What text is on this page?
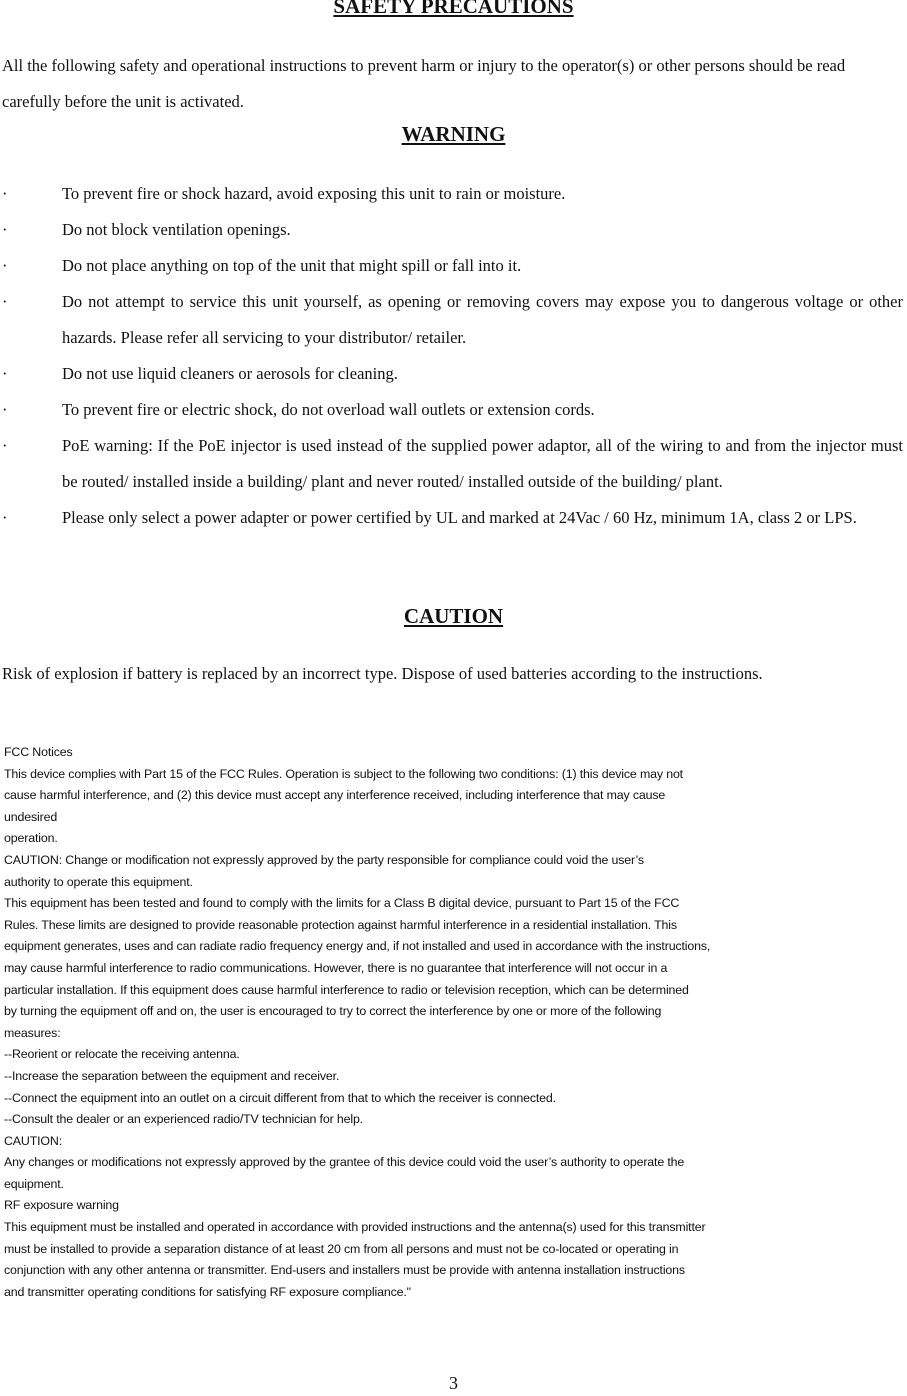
SAFETY PRECAUTIONS

All the following safety and operational instructions to prevent harm or injury to the operator(s) or other persons should be read carefully before the unit is activated.

WARNING
·	To prevent fire or shock hazard, avoid exposing this unit to rain or moisture.
·	Do not block ventilation openings.
·	Do not place anything on top of the unit that might spill or fall into it.
·	Do not attempt to service this unit yourself, as opening or removing covers may expose you to dangerous voltage or other hazards. Please refer all servicing to your distributor/ retailer.
·	Do not use liquid cleaners or aerosols for cleaning.
·	To prevent fire or electric shock, do not overload wall outlets or extension cords.
·	PoE warning: If the PoE injector is used instead of the supplied power adaptor, all of the wiring to and from the injector must be routed/ installed inside a building/ plant and never routed/ installed outside of the building/ plant.
·	Please only select a power adapter or power certified by UL and marked at 24Vac / 60 Hz, minimum 1A, class 2 or LPS.
CAUTION

Risk of explosion if battery is replaced by an incorrect type. Dispose of used batteries according to the instructions.

FCC Notices
This device complies with Part 15 of the FCC Rules. Operation is subject to the following two conditions: (1) this device may not
cause harmful interference, and (2) this device must accept any interference received, including interference that may cause
undesired
operation.
CAUTION: Change or modification not expressly approved by the party responsible for compliance could void the user’s
authority to operate this equipment.
This equipment has been tested and found to comply with the limits for a Class B digital device, pursuant to Part 15 of the FCC
Rules. These limits are designed to provide reasonable protection against harmful interference in a residential installation. This
equipment generates, uses and can radiate radio frequency energy and, if not installed and used in accordance with the instructions,
may cause harmful interference to radio communications. However, there is no guarantee that interference will not occur in a
particular installation. If this equipment does cause harmful interference to radio or television reception, which can be determined
by turning the equipment off and on, the user is encouraged to try to correct the interference by one or more of the following
measures:
--Reorient or relocate the receiving antenna.
--Increase the separation between the equipment and receiver.
--Connect the equipment into an outlet on a circuit different from that to which the receiver is connected.
--Consult the dealer or an experienced radio/TV technician for help.
CAUTION:
Any changes or modifications not expressly approved by the grantee of this device could void the user’s authority to operate the
equipment.
RF exposure warning
This equipment must be installed and operated in accordance with provided instructions and the antenna(s) used for this transmitter
must be installed to provide a separation distance of at least 20 cm from all persons and must not be co-located or operating in
conjunction with any other antenna or transmitter. End-users and installers must be provide with antenna installation instructions
and transmitter operating conditions for satisfying RF exposure compliance."

3
